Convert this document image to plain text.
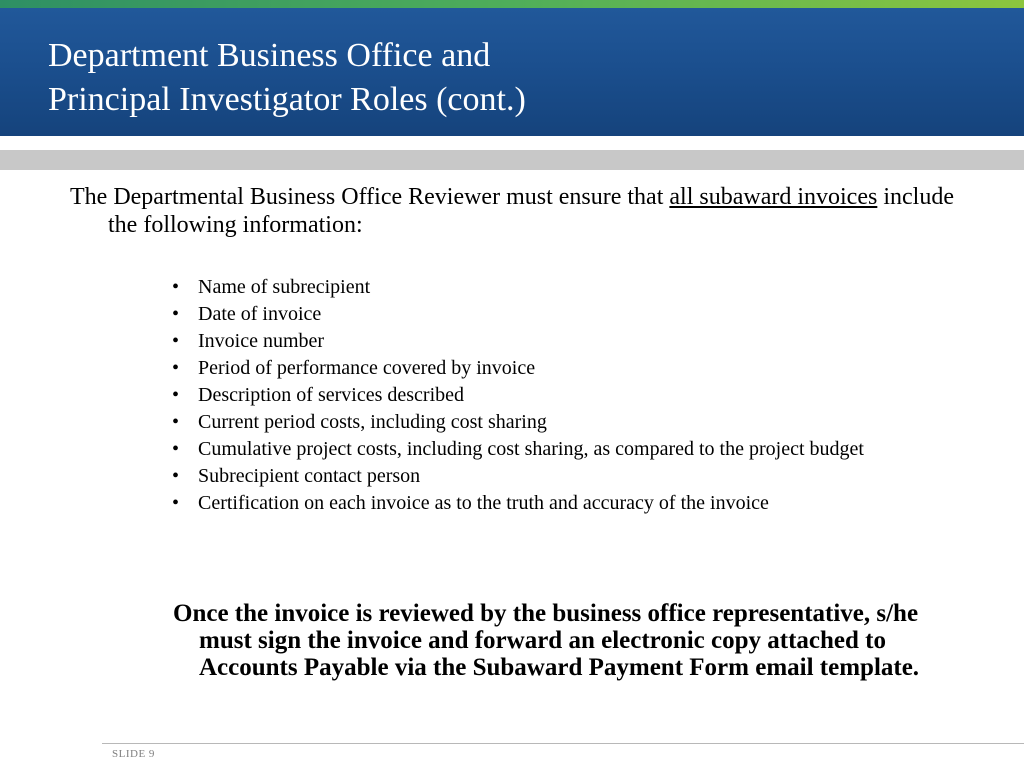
Department Business Office and
Principal Investigator Roles (cont.)

The Departmental Business Office Reviewer must ensure that all subaward invoices include the following information:

• Name of subrecipient
• Date of invoice
• Invoice number
• Period of performance covered by invoice
• Description of services described
• Current period costs, including cost sharing
• Cumulative project costs, including cost sharing, as compared to the project budget
• Subrecipient contact person
• Certification on each invoice as to the truth and accuracy of the invoice

Once the invoice is reviewed by the business office representative, s/he must sign the invoice and forward an electronic copy attached to Accounts Payable via the Subaward Payment Form email template.

SLIDE 9
